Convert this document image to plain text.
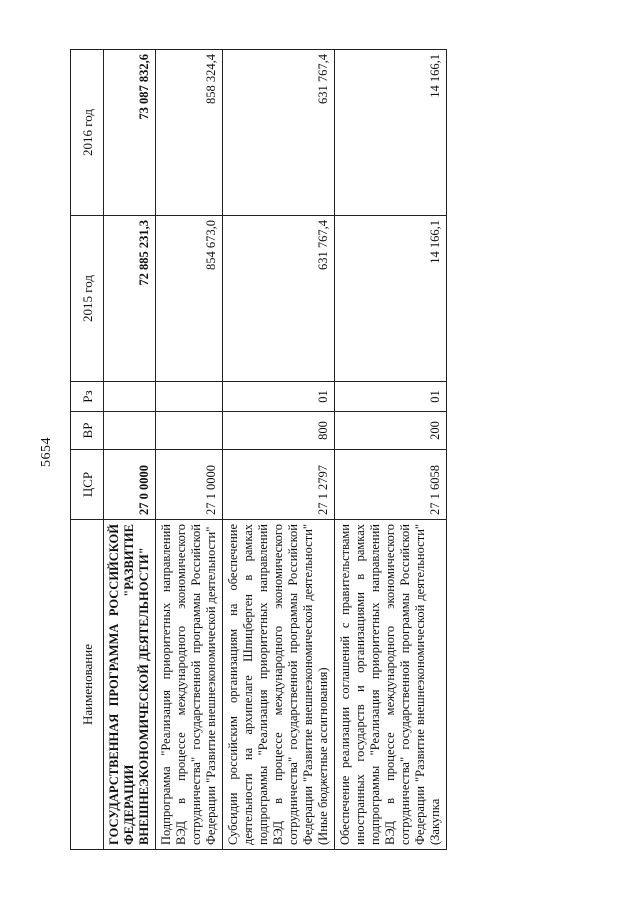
5654
Наименование	ЦСР	ВР	Рз	2015 год	2016 год
ГОСУДАРСТВЕННАЯ ПРОГРАММА РОССИЙСКОЙ ФЕДЕРАЦИИ "РАЗВИТИЕ ВНЕШНЕЭКОНОМИЧЕСКОЙ ДЕЯТЕЛЬНОСТИ"	27 0 0000			72 885 231,3	73 087 832,6
Подпрограмма "Реализация приоритетных направлений ВЭД в процессе международного экономического сотрудничества" государственной программы Российской Федерации "Развитие внешнеэкономической деятельности"	27 1 0000			854 673,0	858 324,4
Субсидии российским организациям на обеспечение деятельности на архипелаге Шпицберген в рамках подпрограммы "Реализация приоритетных направлений ВЭД в процессе международного экономического сотрудничества" государственной программы Российской Федерации "Развитие внешнеэкономической деятельности" (Иные бюджетные ассигнования)	27 1 2797	800	01	631 767,4	631 767,4
Обеспечение реализации соглашений с правительствами иностранных государств и организациями в рамках подпрограммы "Реализация приоритетных направлений ВЭД в процессе международного экономического сотрудничества" государственной программы Российской Федерации "Развитие внешнеэкономической деятельности" (Закупка	27 1 6058	200	01	14 166,1	14 166,1
